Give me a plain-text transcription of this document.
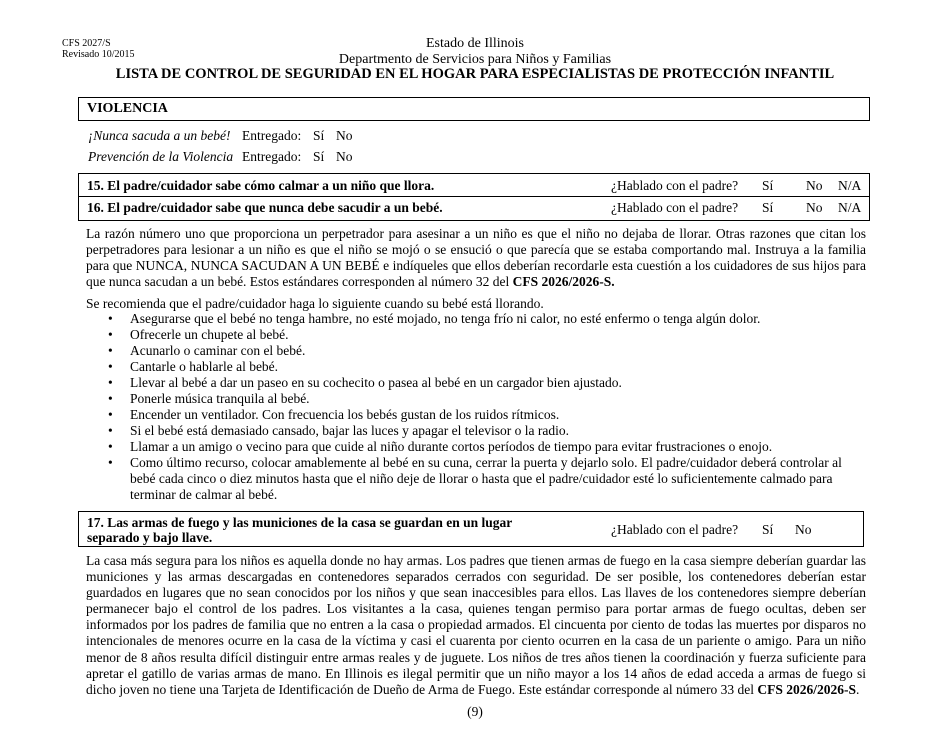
CFS 2027/S
Revisado 10/2015
Estado de Illinois
Departmento de Servicios para Niños y Familias
LISTA DE CONTROL DE SEGURIDAD EN EL HOGAR PARA ESPECIALISTAS DE PROTECCIÓN INFANTIL
VIOLENCIA
¡Nunca sacuda a un bebé! Entregado: Sí No
Prevención de la Violencia Entregado: Sí No
15. El padre/cuidador sabe cómo calmar a un niño que llora.	¿Hablado con el padre? Sí No N/A
16. El padre/cuidador sabe que nunca debe sacudir a un bebé.	¿Hablado con el padre? Sí No N/A
La razón número uno que proporciona un perpetrador para asesinar a un niño es que el niño no dejaba de llorar. Otras razones que citan los perpetradores para lesionar a un niño es que el niño se mojó o se ensució o que parecía que se estaba comportando mal. Instruya a la familia para que NUNCA, NUNCA SACUDAN A UN BEBÉ e indíqueles que ellos deberían recordarle esta cuestión a los cuidadores de sus hijos para que nunca sacudan a un bebé. Estos estándares corresponden al número 32 del CFS 2026/2026-S.
Se recomienda que el padre/cuidador haga lo siguiente cuando su bebé está llorando.
• Asegurarse que el bebé no tenga hambre, no esté mojado, no tenga frío ni calor, no esté enfermo o tenga algún dolor.
• Ofrecerle un chupete al bebé.
• Acunarlo o caminar con el bebé.
• Cantarle o hablarle al bebé.
• Llevar al bebé a dar un paseo en su cochecito o pasea al bebé en un cargador bien ajustado.
• Ponerle música tranquila al bebé.
• Encender un ventilador. Con frecuencia los bebés gustan de los ruidos rítmicos.
• Si el bebé está demasiado cansado, bajar las luces y apagar el televisor o la radio.
• Llamar a un amigo o vecino para que cuide al niño durante cortos períodos de tiempo para evitar frustraciones o enojo.
• Como último recurso, colocar amablemente al bebé en su cuna, cerrar la puerta y dejarlo solo. El padre/cuidador deberá controlar al bebé cada cinco o diez minutos hasta que el niño deje de llorar o hasta que el padre/cuidador esté lo suficientemente calmado para terminar de calmar al bebé.
17. Las armas de fuego y las municiones de la casa se guardan en un lugar separado y bajo llave.
¿Hablado con el padre? Sí No
La casa más segura para los niños es aquella donde no hay armas. Los padres que tienen armas de fuego en la casa siempre deberían guardar las municiones y las armas descargadas en contenedores separados cerrados con seguridad. De ser posible, los contenedores deberían estar guardados en lugares que no sean conocidos por los niños y que sean inaccesibles para ellos. Las llaves de los contenedores siempre deberían permanecer bajo el control de los padres. Los visitantes a la casa, quienes tengan permiso para portar armas de fuego ocultas, deben ser informados por los padres de familia que no entren a la casa o propiedad armados. El cincuenta por ciento de todas las muertes por disparos no intencionales de menores ocurre en la casa de la víctima y casi el cuarenta por ciento ocurren en la casa de un pariente o amigo. Para un niño menor de 8 años resulta difícil distinguir entre armas reales y de juguete. Los niños de tres años tienen la coordinación y fuerza suficiente para apretar el gatillo de varias armas de mano. En Illinois es ilegal permitir que un niño mayor a los 14 años de edad acceda a armas de fuego si dicho joven no tiene una Tarjeta de Identificación de Dueño de Arma de Fuego. Este estándar corresponde al número 33 del CFS 2026/2026-S.
(9)
